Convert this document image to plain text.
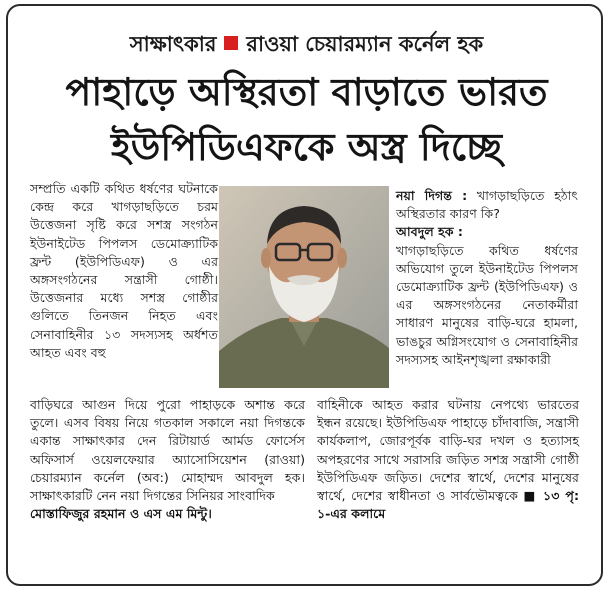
সাক্ষাৎকার রাওয়া চেয়ারম্যান কর্নেল হক
পাহাড়ে অস্থিরতা বাড়াতে ভারত
ইউপিডিএফকে অস্ত্র দিচ্ছে

সম্প্রতি একটি কথিত ধর্ষণের ঘটনাকে কেন্দ্র করে খাগড়াছড়িতে চরম উত্তেজনা সৃষ্টি করে সশস্ত্র সংগঠন ইউনাইটেড পিপলস ডেমোক্র্যাটিক ফ্রন্ট (ইউপিডিএফ) ও এর অঙ্গসংগঠনের সন্ত্রাসী গোষ্ঠী। উত্তেজনার মধ্যে সশস্ত্র গোষ্ঠীর গুলিতে তিনজন নিহত এবং সেনাবাহিনীর ১৩ সদস্যসহ অর্ধশত আহত এবং বহু

নয়া দিগন্ত : খাগড়াছড়িতে হঠাৎ অস্থিরতার কারণ কি?

আবদুল হক :
খাগড়াছড়িতে কথিত ধর্ষণের অভিযোগ তুলে ইউনাইটেড পিপলস ডেমোক্র্যাটিক ফ্রন্ট (ইউপিডিএফ) ও এর অঙ্গসংগঠনের নেতাকর্মীরা সাধারণ মানুষের বাড়ি-ঘরে হামলা, ভাঙচুর অগ্নিসংযোগ ও সেনাবাহিনীর সদস্যসহ আইনশৃঙ্খলা রক্ষাকারী

বাড়িঘরে আগুন দিয়ে পুরো পাহাড়কে অশান্ত করে তুলে। এসব বিষয় নিয়ে গতকাল সকালে নয়া দিগন্তকে একান্ত সাক্ষাৎকার দেন রিটায়ার্ড আর্মড ফোর্সেস অফিসার্স ওয়েলফেয়ার অ্যাসোসিয়েশন (রাওয়া) চেয়ারম্যান কর্নেল (অব:) মোহাম্মদ আবদুল হক। সাক্ষাৎকারটি নেন নয়া দিগন্তের সিনিয়র সাংবাদিক
মোস্তাফিজুর রহমান ও এস এম মিন্টু।

বাহিনীকে আহত করার ঘটনায় নেপথ্যে ভারতের ইন্ধন রয়েছে। ইউপিডিএফ পাহাড়ে চাঁদাবাজি, সন্ত্রাসী কার্যকলাপ, জোরপূর্বক বাড়ি-ঘর দখল ও হত্যাসহ অপহরণের সাথে সরাসরি জড়িত সশস্ত্র সন্ত্রাসী গোষ্ঠী ইউপিডিএফ জড়িত। দেশের স্বার্থে, দেশের মানুষের স্বার্থে, দেশের স্বাধীনতা ও সার্বভৌমত্বকে ■ ১৩ পৃ: ১-এর কলামে
